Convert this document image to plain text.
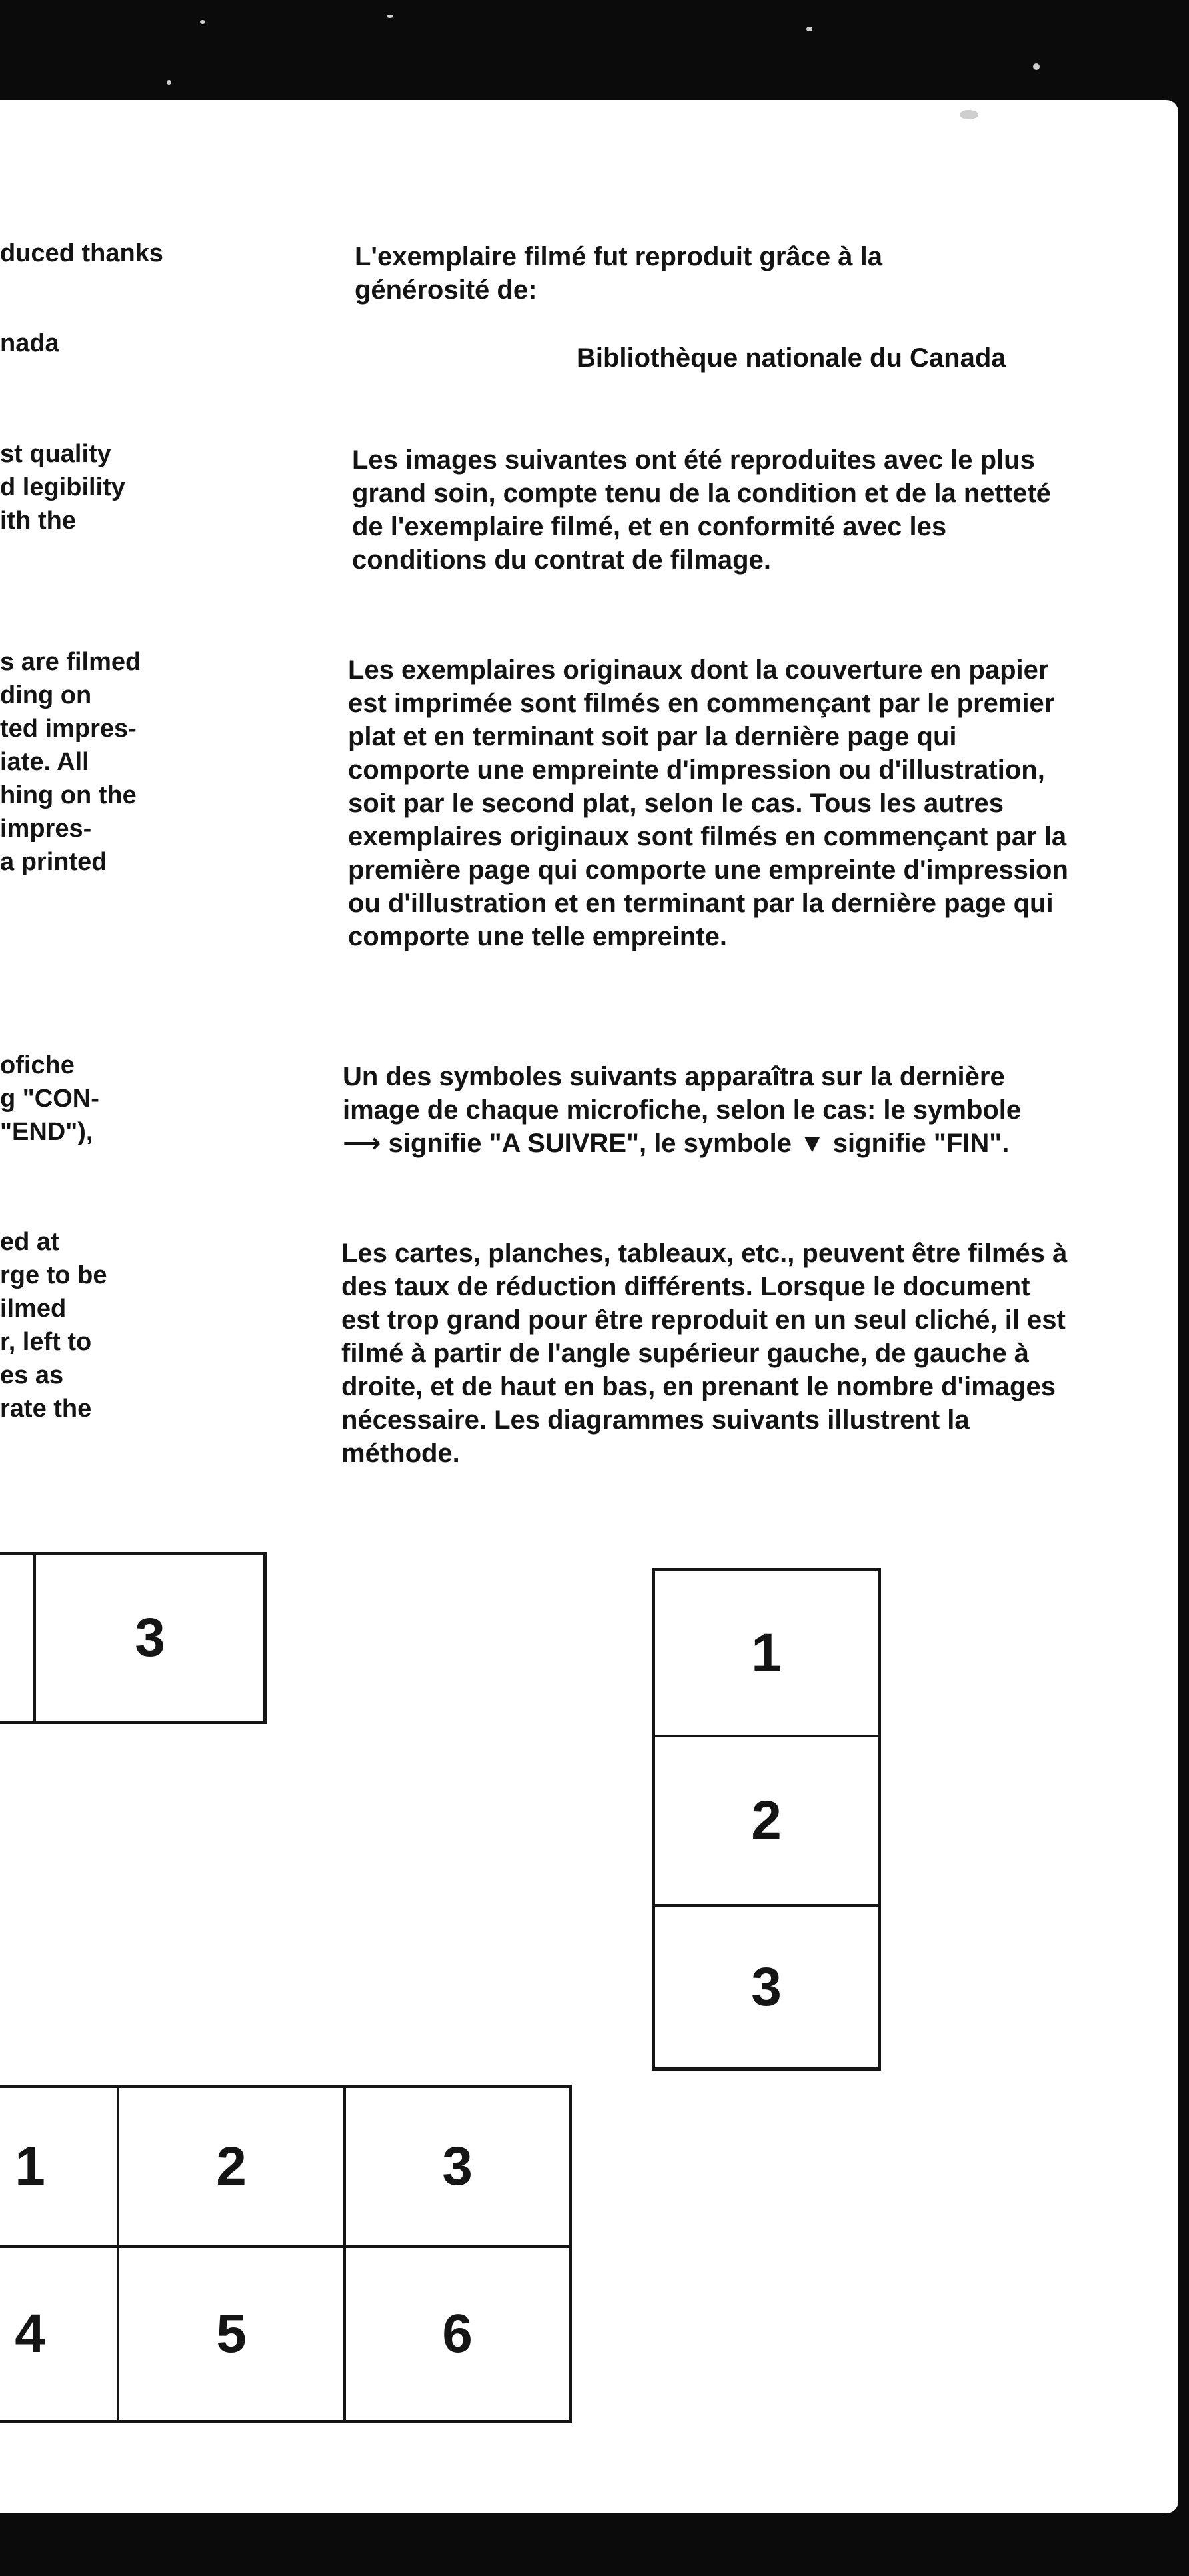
duced thanks

nada

st quality

d legibility

ith the

s are filmed

ding on

ted impres-

iate. All

hing on the

impres-

a printed

ofiche

g "CON-

"END"),

ed at

rge to be

ilmed

r, left to

es as

rate the

L'exemplaire filmé fut reproduit grâce à la générosité de:

Bibliothèque nationale du Canada

Les images suivantes ont été reproduites avec le plus grand soin, compte tenu de la condition et de la netteté de l'exemplaire filmé, et en conformité avec les conditions du contrat de filmage.

Les exemplaires originaux dont la couverture en papier est imprimée sont filmés en commençant par le premier plat et en terminant soit par la dernière page qui comporte une empreinte d'impression ou d'illustration, soit par le second plat, selon le cas. Tous les autres exemplaires originaux sont filmés en commençant par la première page qui comporte une empreinte d'impression ou d'illustration et en terminant par la dernière page qui comporte une telle empreinte.

Un des symboles suivants apparaîtra sur la dernière image de chaque microfiche, selon le cas: le symbole ⟶ signifie "A SUIVRE", le symbole ▼ signifie "FIN".

Les cartes, planches, tableaux, etc., peuvent être filmés à des taux de réduction différents. Lorsque le document est trop grand pour être reproduit en un seul cliché, il est filmé à partir de l'angle supérieur gauche, de gauche à droite, et de haut en bas, en prenant le nombre d'images nécessaire. Les diagrammes suivants illustrent la méthode.

3	1
2
3
1	2	3
4	5	6
